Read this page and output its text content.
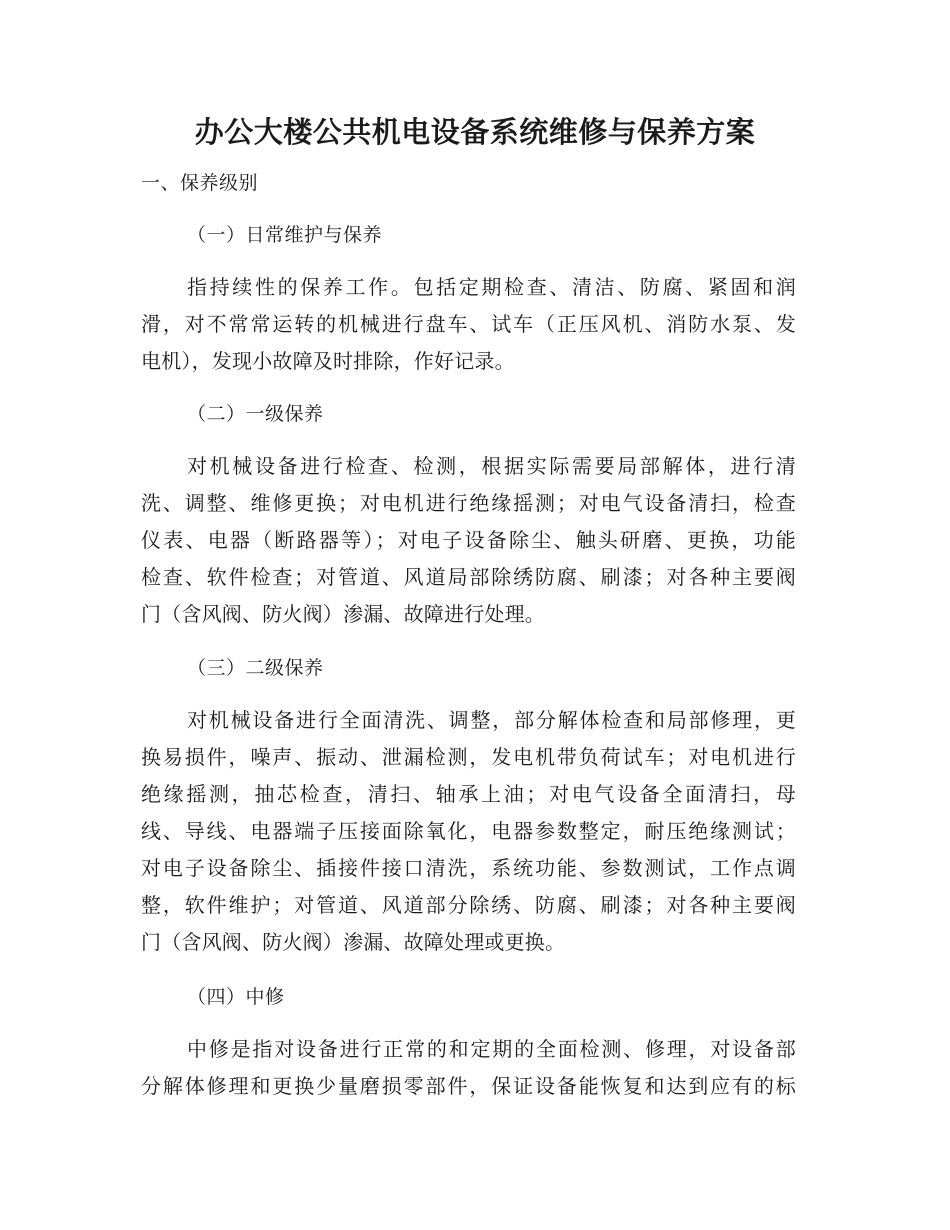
办公大楼公共机电设备系统维修与保养方案
一、保养级别
（一）日常维护与保养
指持续性的保养工作。包括定期检查、清洁、防腐、紧固和润
滑，对不常常运转的机械进行盘车、试车（正压风机、消防水泵、发
电机），发现小故障及时排除，作好记录。
（二）一级保养
对机械设备进行检查、检测，根据实际需要局部解体，进行清
洗、调整、维修更换；对电机进行绝缘摇测；对电气设备清扫，检查
仪表、电器（断路器等）；对电子设备除尘、触头研磨、更换，功能
检查、软件检查；对管道、风道局部除绣防腐、刷漆；对各种主要阀
门（含风阀、防火阀）渗漏、故障进行处理。
（三）二级保养
对机械设备进行全面清洗、调整，部分解体检查和局部修理，更
换易损件，噪声、振动、泄漏检测，发电机带负荷试车；对电机进行
绝缘摇测，抽芯检查，清扫、轴承上油；对电气设备全面清扫，母
线、导线、电器端子压接面除氧化，电器参数整定，耐压绝缘测试；
对电子设备除尘、插接件接口清洗，系统功能、参数测试，工作点调
整，软件维护；对管道、风道部分除绣、防腐、刷漆；对各种主要阀
门（含风阀、防火阀）渗漏、故障处理或更换。
（四）中修
中修是指对设备进行正常的和定期的全面检测、修理，对设备部
分解体修理和更换少量磨损零部件，保证设备能恢复和达到应有的标
